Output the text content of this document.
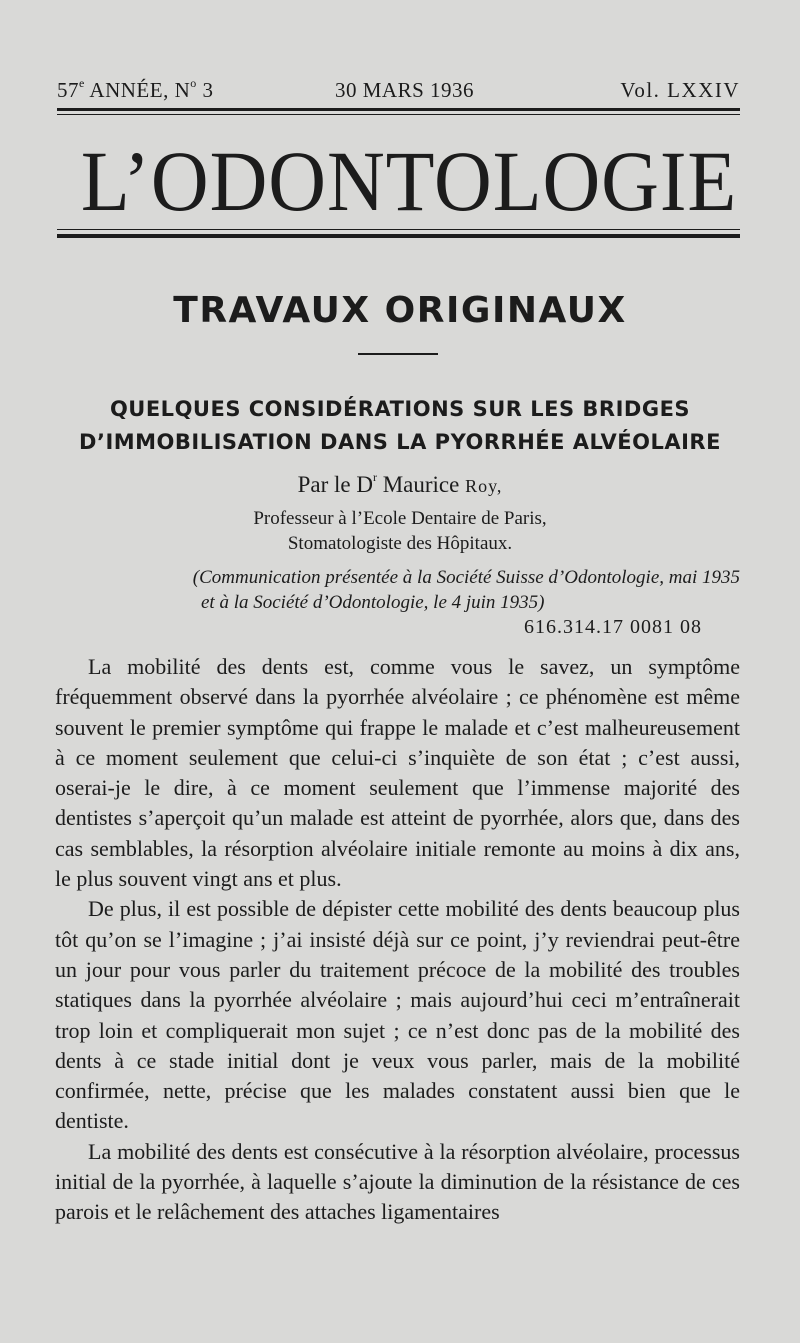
57e ANNÉE, $N^o$ 3	30 MARS 1936	Vol. LXXIV
L’ODONTOLOGIE
TRAVAUX ORIGINAUX
QUELQUES CONSIDÉRATIONS SUR LES BRIDGES
D’IMMOBILISATION DANS LA PYORRHÉE ALVÉOLAIRE
Par le $D^r$ Maurice Roy,
Professeur à l’Ecole Dentaire de Paris,
Stomatologiste des Hôpitaux.
(Communication présentée à la Société Suisse d’Odontologie, mai 1935
et à la Société d’Odontologie, le 4 juin 1935)
616.314.17 0081 08

La mobilité des dents est, comme vous le savez, un symptôme fréquemment observé dans la pyorrhée alvéolaire ; ce phénomène est même souvent le premier symptôme qui frappe le malade et c’est malheureusement à ce moment seulement que celui-ci s’inquiète de son état ; c’est aussi, oserai-je le dire, à ce moment seulement que l’immense majorité des dentistes s’aperçoit qu’un malade est atteint de pyorrhée, alors que, dans des cas semblables, la résorption alvéolaire initiale remonte au moins à dix ans, le plus souvent vingt ans et plus.

De plus, il est possible de dépister cette mobilité des dents beaucoup plus tôt qu’on se l’imagine ; j’ai insisté déjà sur ce point, j’y reviendrai peut-être un jour pour vous parler du traitement précoce de la mobilité des troubles statiques dans la pyorrhée alvéolaire ; mais aujourd’hui ceci m’entraînerait trop loin et compliquerait mon sujet ; ce n’est donc pas de la mobilité des dents à ce stade initial dont je veux vous parler, mais de la mobilité confirmée, nette, précise que les malades constatent aussi bien que le dentiste.

La mobilité des dents est consécutive à la résorption alvéolaire, processus initial de la pyorrhée, à laquelle s’ajoute la diminution de la résistance de ces parois et le relâchement des attaches ligamentaires
